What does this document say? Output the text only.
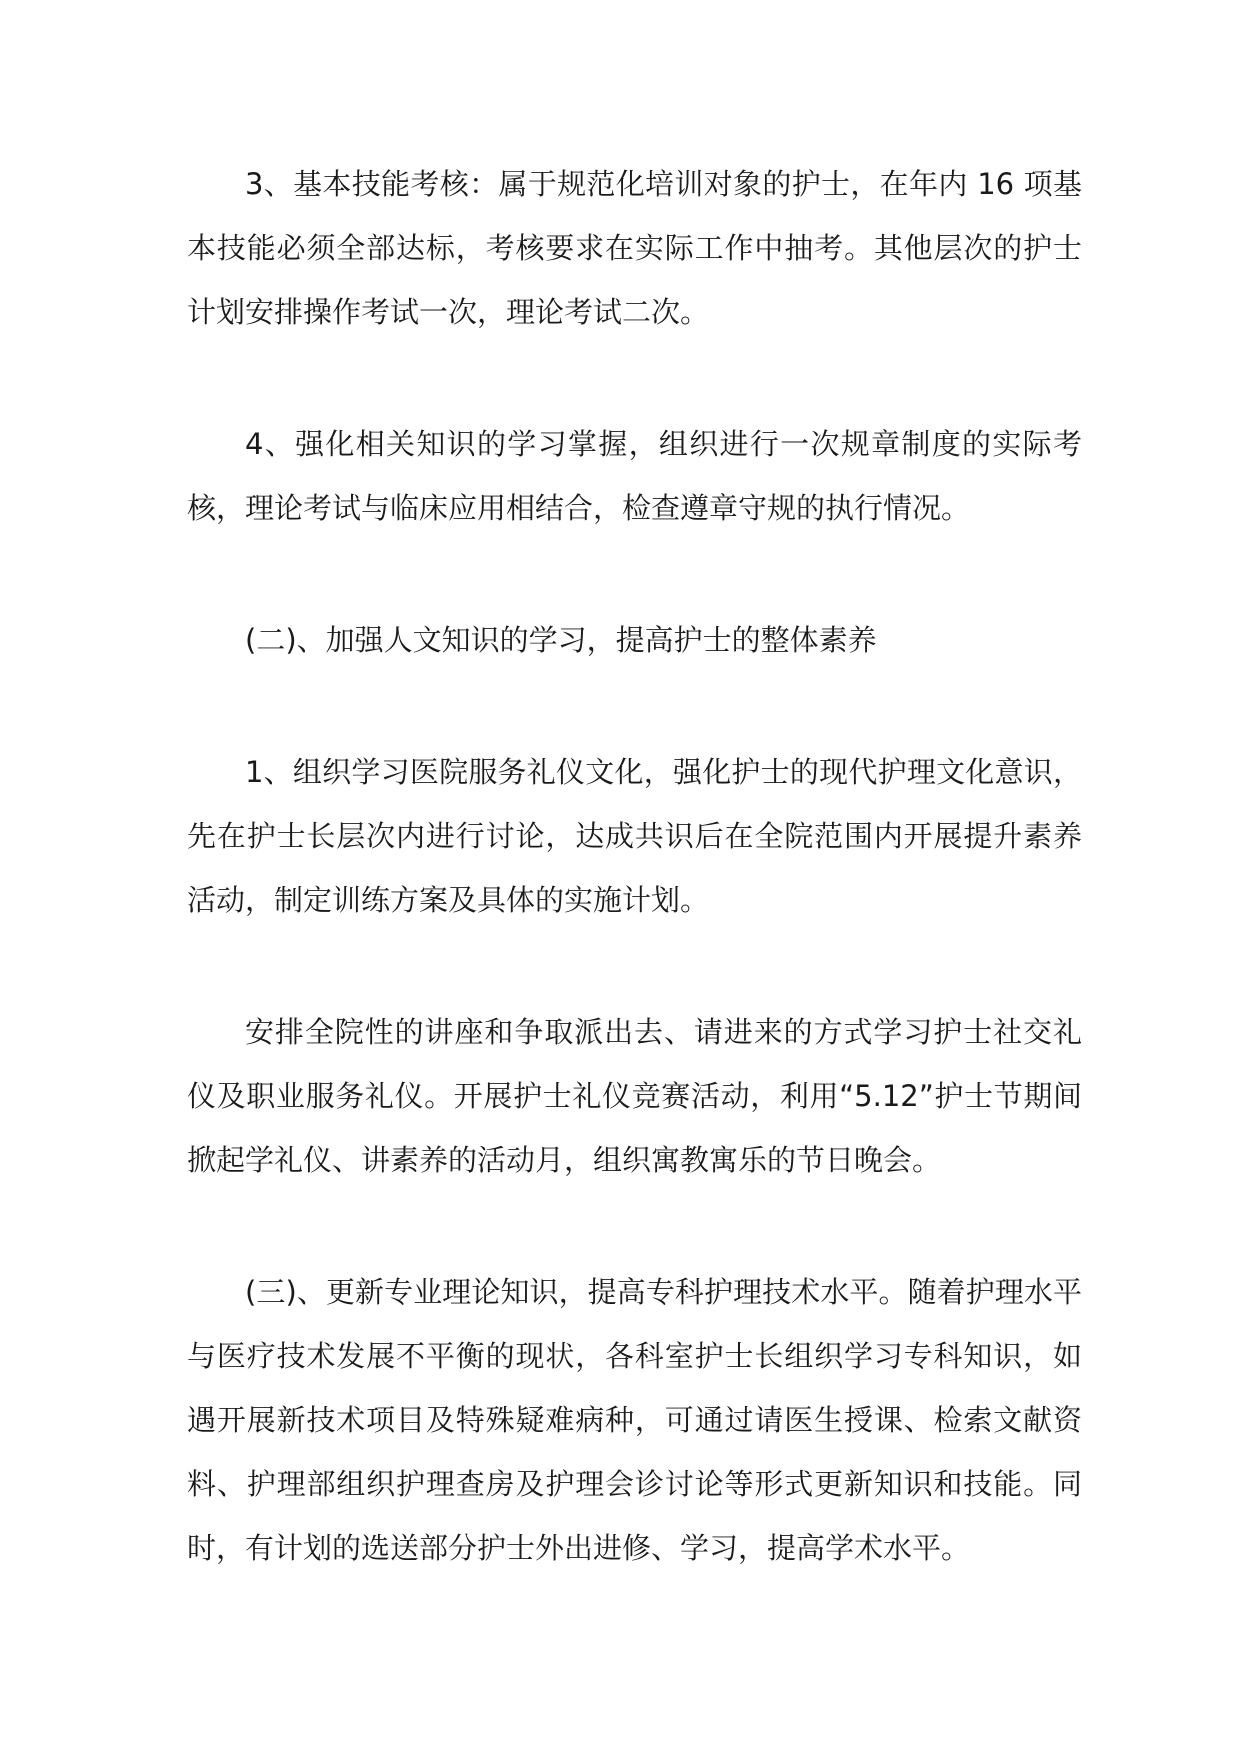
3、基本技能考核：属于规范化培训对象的护士，在年内 16 项基本技能必须全部达标，考核要求在实际工作中抽考。其他层次的护士计划安排操作考试一次，理论考试二次。

4、强化相关知识的学习掌握，组织进行一次规章制度的实际考核，理论考试与临床应用相结合，检查遵章守规的执行情况。

(二)、加强人文知识的学习，提高护士的整体素养

1、组织学习医院服务礼仪文化，强化护士的现代护理文化意识，先在护士长层次内进行讨论，达成共识后在全院范围内开展提升素养活动，制定训练方案及具体的实施计划。

安排全院性的讲座和争取派出去、请进来的方式学习护士社交礼仪及职业服务礼仪。开展护士礼仪竞赛活动，利用“5.12”护士节期间掀起学礼仪、讲素养的活动月，组织寓教寓乐的节日晚会。

(三)、更新专业理论知识，提高专科护理技术水平。随着护理水平与医疗技术发展不平衡的现状，各科室护士长组织学习专科知识，如遇开展新技术项目及特殊疑难病种，可通过请医生授课、检索文献资料、护理部组织护理查房及护理会诊讨论等形式更新知识和技能。同时，有计划的选送部分护士外出进修、学习，提高学术水平。
